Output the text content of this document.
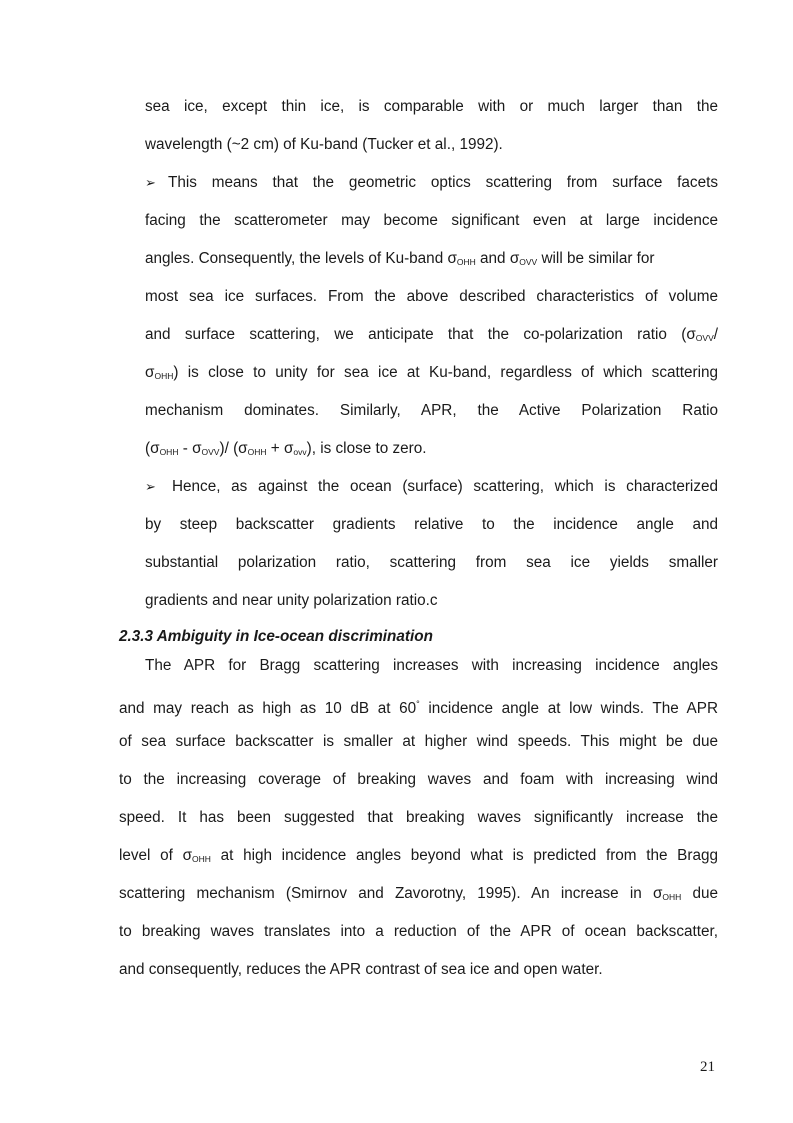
sea ice, except thin ice, is comparable with or much larger than the
wavelength (~2 cm) of Ku-band (Tucker et al., 1992).
➢ This means that the geometric optics scattering from surface facets
facing the scatterometer may become significant even at large incidence
angles. Consequently, the levels of Ku-band $\sigma_{OHH}$ and $\sigma_{OVV}$ will be similar for
most sea ice surfaces. From the above described characteristics of volume
and surface scattering, we anticipate that the co-polarization ratio ($\sigma_{OVV}/$
$\sigma_{OHH}$) is close to unity for sea ice at Ku-band, regardless of which scattering
mechanism dominates. Similarly, APR, the Active Polarization Ratio
$(\sigma_{OHH} - \sigma_{OVV})/$ $(\sigma_{OHH} + \sigma_{ovv})$, is close to zero.
➢ Hence, as against the ocean (surface) scattering, which is characterized
by steep backscatter gradients relative to the incidence angle and
substantial polarization ratio, scattering from sea ice yields smaller
gradients and near unity polarization ratio.c
2.3.3 Ambiguity in Ice-ocean discrimination
The APR for Bragg scattering increases with increasing incidence angles
and may reach as high as 10 dB at 60° incidence angle at low winds. The APR
of sea surface backscatter is smaller at higher wind speeds. This might be due
to the increasing coverage of breaking waves and foam with increasing wind
speed. It has been suggested that breaking waves significantly increase the
level of $\sigma_{OHH}$ at high incidence angles beyond what is predicted from the Bragg
scattering mechanism (Smirnov and Zavorotny, 1995). An increase in $\sigma_{OHH}$ due
to breaking waves translates into a reduction of the APR of ocean backscatter,
and consequently, reduces the APR contrast of sea ice and open water.
21
